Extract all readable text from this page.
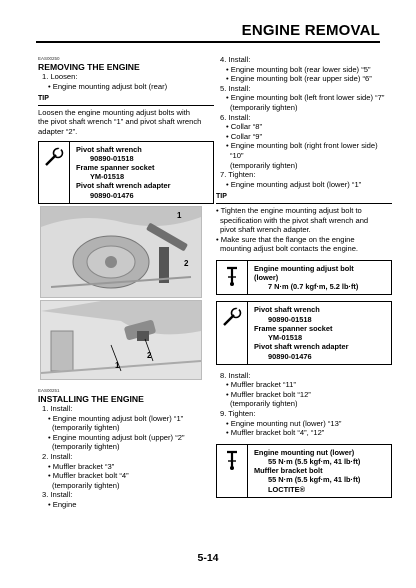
ENGINE REMOVAL
EAS00250
REMOVING THE ENGINE
1. Loosen:
• Engine mounting adjust bolt (rear)
TIP
Loosen the engine mounting adjust bolts with
the pivot shaft wrench “1” and pivot shaft wrench
adapter “2”.
Pivot shaft wrench
90890-01518
Frame spanner socket
YM-01518
Pivot shaft wrench adapter
90890-01476
1
2
1
2
EAS00251
INSTALLING THE ENGINE
1. Install:
• Engine mounting adjust bolt (lower) “1”
(temporarily tighten)
• Engine mounting adjust bolt (upper) “2”
(temporarily tighten)
2. Install:
• Muffler bracket “3”
• Muffler bracket bolt “4”
(temporarily tighten)
3. Install:
• Engine
4. Install:
• Engine mounting bolt (rear lower side) “5”
• Engine mounting bolt (rear upper side) “6”
5. Install:
• Engine mounting bolt (left front lower side) “7”
(temporarily tighten)
6. Install:
• Collar “8”
• Collar “9”
• Engine mounting bolt (right front lower side)
“10”
(temporarily tighten)
7. Tighten:
• Engine mounting adjust bolt (lower) “1”
TIP
• Tighten the engine mounting adjust bolt to
specification with the pivot shaft wrench and
pivot shaft wrench adapter.
• Make sure that the flange on the engine
mounting adjust bolt contacts the engine.
Engine mounting adjust bolt
(lower)
7 N·m (0.7 kgf·m, 5.2 lb·ft)
Pivot shaft wrench
90890-01518
Frame spanner socket
YM-01518
Pivot shaft wrench adapter
90890-01476
8. Install:
• Muffler bracket “11”
• Muffler bracket bolt “12”
(temporarily tighten)
9. Tighten:
• Engine mounting nut (lower) “13”
• Muffler bracket bolt “4”, “12”
Engine mounting nut (lower)
55 N·m (5.5 kgf·m, 41 lb·ft)
Muffler bracket bolt
55 N·m (5.5 kgf·m, 41 lb·ft)
LOCTITE®
5-14
